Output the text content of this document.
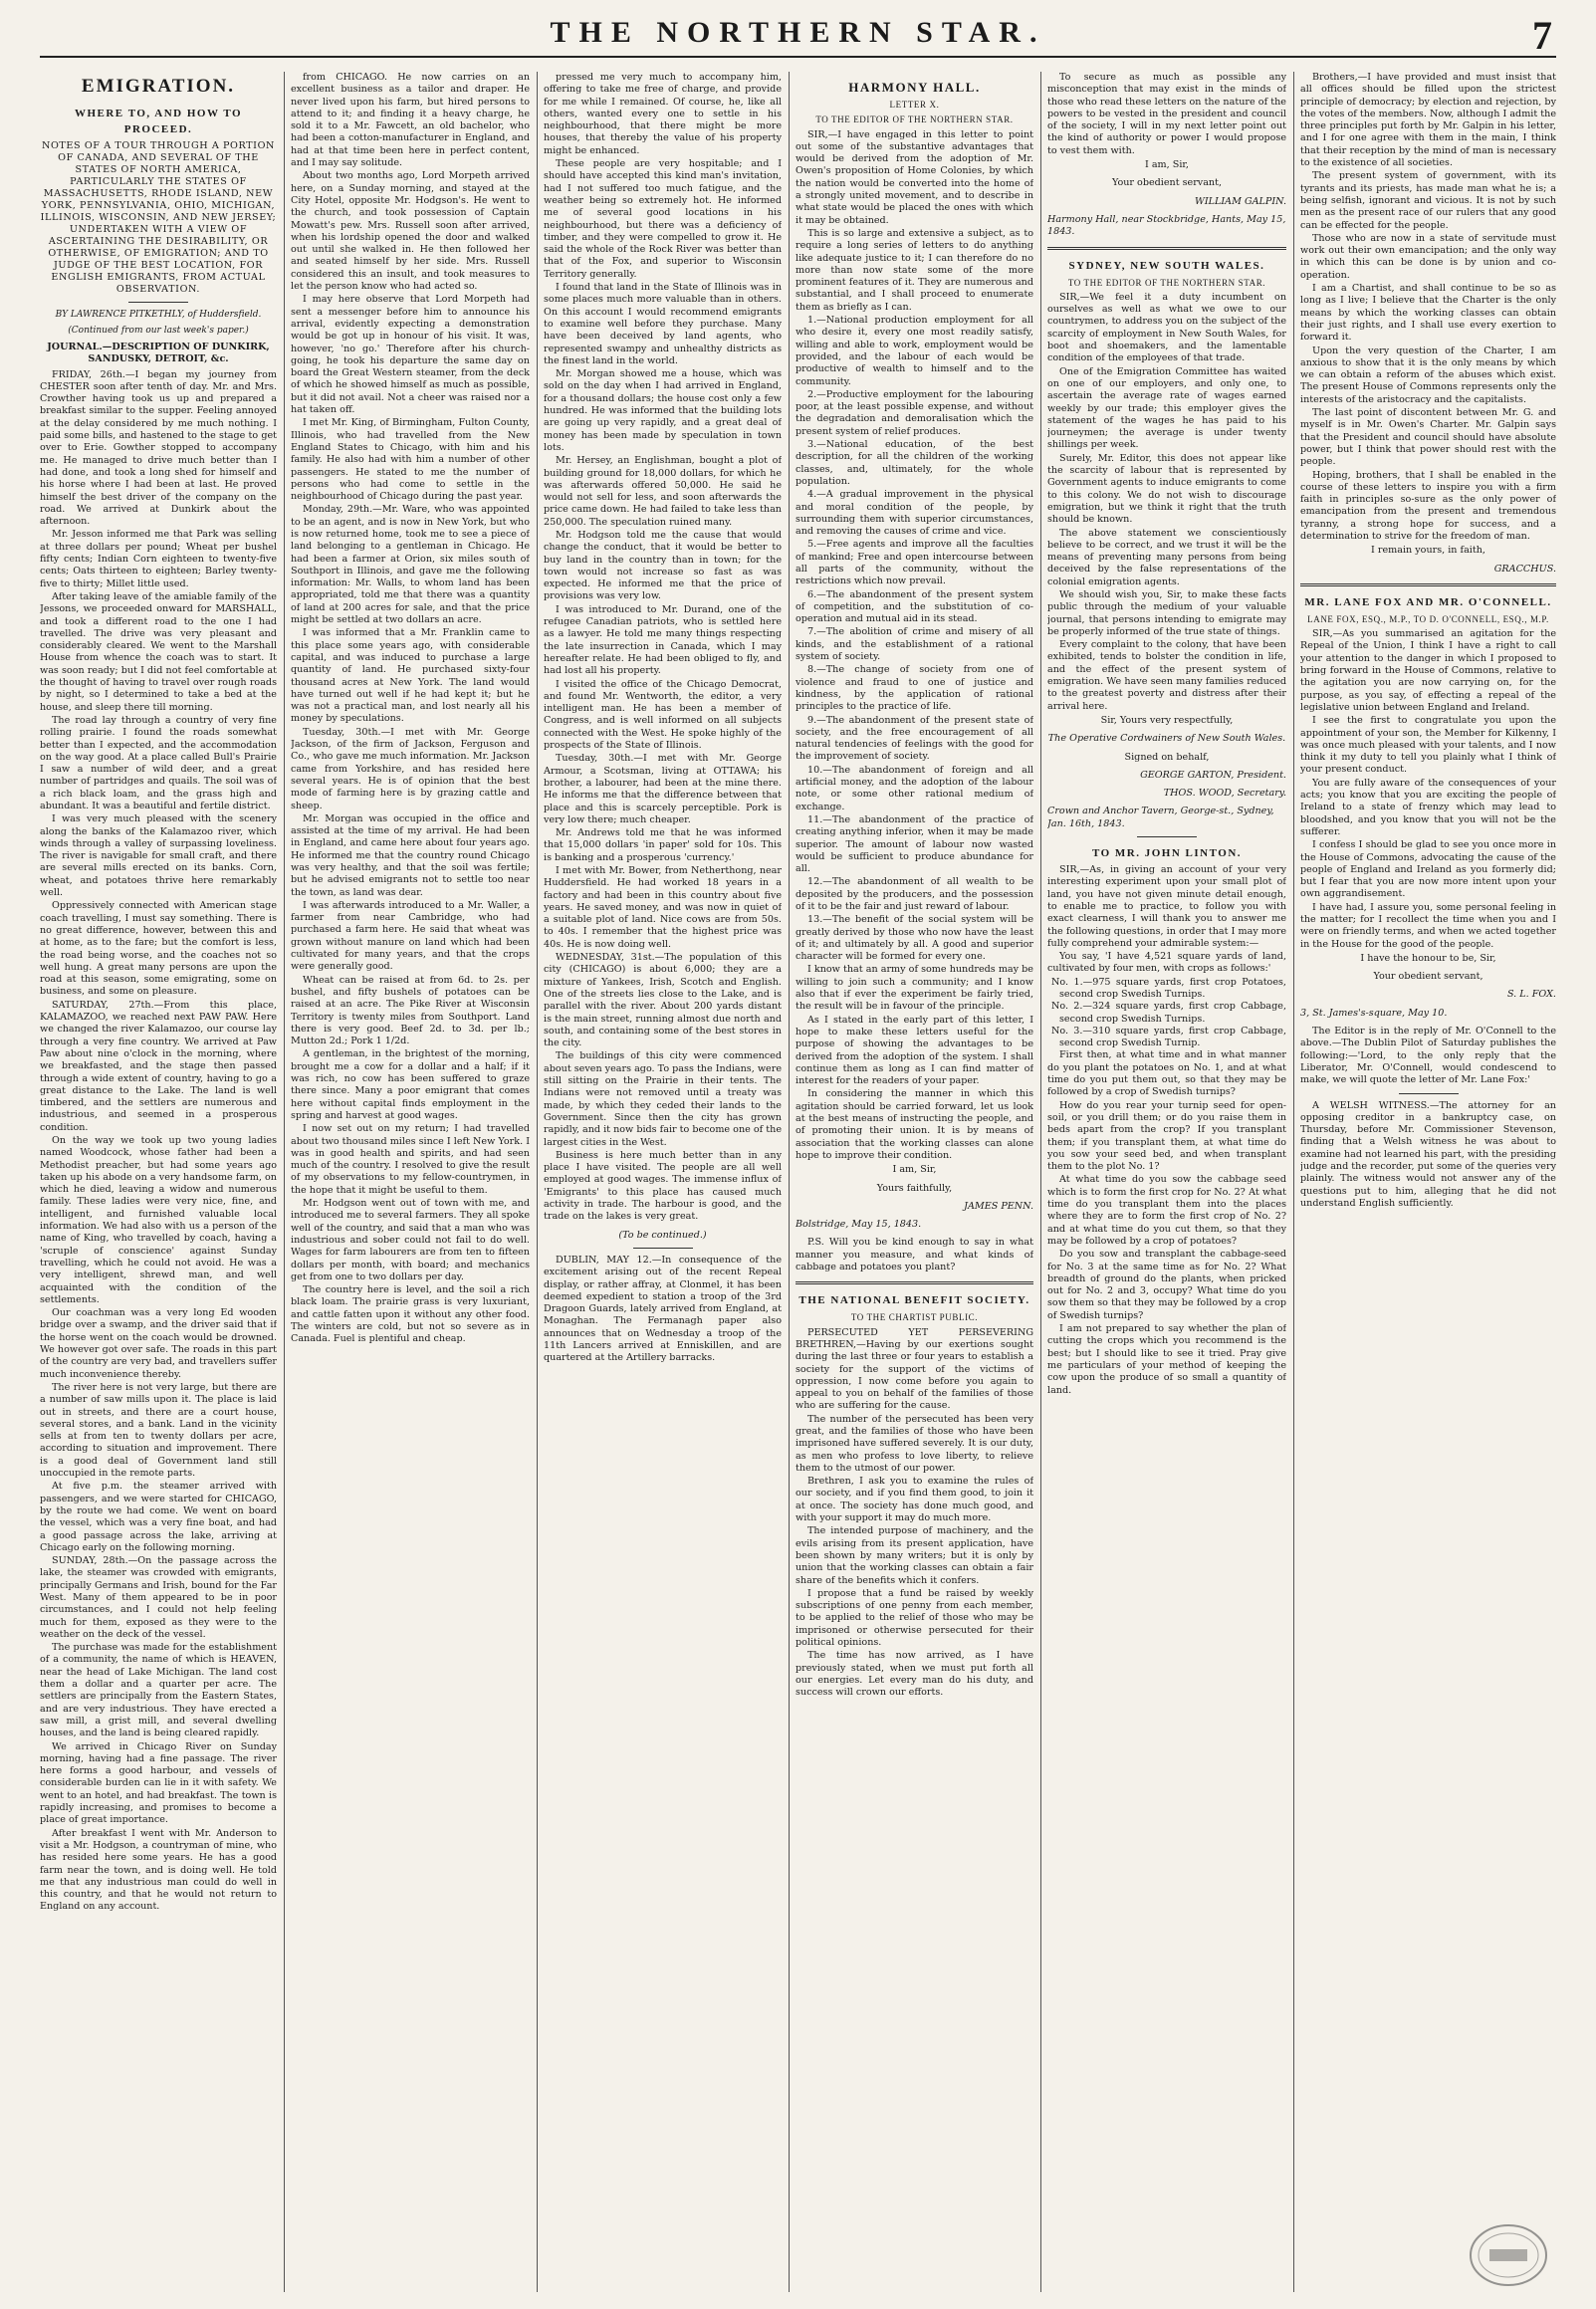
THE NORTHERN STAR.	7
EMIGRATION.
WHERE TO, AND HOW TO PROCEED.
NOTES OF A TOUR THROUGH A PORTION OF CANADA, AND SEVERAL OF THE STATES OF NORTH AMERICA, PARTICULARLY THE STATES OF MASSACHUSETTS, RHODE ISLAND, NEW YORK, PENNSYLVANIA, OHIO, MICHIGAN, ILLINOIS, WISCONSIN, AND NEW JERSEY; UNDERTAKEN WITH A VIEW OF ASCERTAINING THE DESIRABILITY, OR OTHERWISE, OF EMIGRATION; AND TO JUDGE OF THE BEST LOCATION, FOR ENGLISH EMIGRANTS, FROM ACTUAL OBSERVATION.
BY LAWRENCE PITKETHLY, of Huddersfield.
(Continued from our last week's paper.)
JOURNAL.—DESCRIPTION OF DUNKIRK, SANDUSKY, DETROIT, &c.

FRIDAY, 26th.—I began my journey from CHESTER soon after tenth of day. Mr. and Mrs. Crowther having took us up and prepared a breakfast similar to the supper. Feeling annoyed at the delay considered by me much nothing. I paid some bills, and hastened to the stage to get over to Erie. Gowther stopped to accompany me. He managed to drive much better than I had done, and took a long shed for himself and his horse where I had been at last. He proved himself the best driver of the company on the road. We arrived at Dunkirk about the afternoon.

Mr. Jesson informed me that Park was selling at three dollars per pound; Wheat per bushel fifty cents; Indian Corn eighteen to twenty-five cents; Oats thirteen to eighteen; Barley twenty-five to thirty; Millet little used.

After taking leave of the amiable family of the Jessons, we proceeded onward for MARSHALL, and took a different road to the one I had travelled. The drive was very pleasant and considerably cleared. We went to the Marshall House from whence the coach was to start. It was soon ready; but I did not feel comfortable at the thought of having to travel over rough roads by night, so I determined to take a bed at the house, and sleep there till morning.

The road lay through a country of very fine rolling prairie. I found the roads somewhat better than I expected, and the accommodation on the way good. At a place called Bull's Prairie I saw a number of wild deer, and a great number of partridges and quails. The soil was of a rich black loam, and the grass high and abundant. It was a beautiful and fertile district.

I was very much pleased with the scenery along the banks of the Kalamazoo river, which winds through a valley of surpassing loveliness. The river is navigable for small craft, and there are several mills erected on its banks. Corn, wheat, and potatoes thrive here remarkably well.

Oppressively connected with American stage coach travelling, I must say something. There is no great difference, however, between this and at home, as to the fare; but the comfort is less, the road being worse, and the coaches not so well hung. A great many persons are upon the road at this season, some emigrating, some on business, and some on pleasure.

SATURDAY, 27th.—From this place, KALAMAZOO, we reached next PAW PAW. Here we changed the river Kalamazoo, our course lay through a very fine country. We arrived at Paw Paw about nine o'clock in the morning, where we breakfasted, and the stage then passed through a wide extent of country, having to go a great distance to the Lake. The land is well timbered, and the settlers are numerous and industrious, and seemed in a prosperous condition.

On the way we took up two young ladies named Woodcock, whose father had been a Methodist preacher, but had some years ago taken up his abode on a very handsome farm, on which he died, leaving a widow and numerous family. These ladies were very nice, fine, and intelligent, and furnished valuable local information. We had also with us a person of the name of King, who travelled by coach, having a 'scruple of conscience' against Sunday travelling, which he could not avoid. He was a very intelligent, shrewd man, and well acquainted with the condition of the settlements.

Our coachman was a very long Ed wooden bridge over a swamp, and the driver said that if the horse went on the coach would be drowned. We however got over safe. The roads in this part of the country are very bad, and travellers suffer much inconvenience thereby.

The river here is not very large, but there are a number of saw mills upon it. The place is laid out in streets, and there are a court house, several stores, and a bank. Land in the vicinity sells at from ten to twenty dollars per acre, according to situation and improvement. There is a good deal of Government land still unoccupied in the remote parts.

At five p.m. the steamer arrived with passengers, and we were started for CHICAGO, by the route we had come. We went on board the vessel, which was a very fine boat, and had a good passage across the lake, arriving at Chicago early on the following morning.

SUNDAY, 28th.—On the passage across the lake, the steamer was crowded with emigrants, principally Germans and Irish, bound for the Far West. Many of them appeared to be in poor circumstances, and I could not help feeling much for them, exposed as they were to the weather on the deck of the vessel.

The purchase was made for the establishment of a community, the name of which is HEAVEN, near the head of Lake Michigan. The land cost them a dollar and a quarter per acre. The settlers are principally from the Eastern States, and are very industrious. They have erected a saw mill, a grist mill, and several dwelling houses, and the land is being cleared rapidly.

We arrived in Chicago River on Sunday morning, having had a fine passage. The river here forms a good harbour, and vessels of considerable burden can lie in it with safety. We went to an hotel, and had breakfast. The town is rapidly increasing, and promises to become a place of great importance.

After breakfast I went with Mr. Anderson to visit a Mr. Hodgson, a countryman of mine, who has resided here some years. He has a good farm near the town, and is doing well. He told me that any industrious man could do well in this country, and that he would not return to England on any account.

from CHICAGO. He now carries on an excellent business as a tailor and draper. He never lived upon his farm, but hired persons to attend to it; and finding it a heavy charge, he sold it to a Mr. Fawcett, an old bachelor, who had been a cotton-manufacturer in England, and had at that time been here in perfect content, and I may say solitude.

About two months ago, Lord Morpeth arrived here, on a Sunday morning, and stayed at the City Hotel, opposite Mr. Hodgson's. He went to the church, and took possession of Captain Mowatt's pew. Mrs. Russell soon after arrived, when his lordship opened the door and walked out until she walked in. He then followed her and seated himself by her side. Mrs. Russell considered this an insult, and took measures to let the person know who had acted so.

I may here observe that Lord Morpeth had sent a messenger before him to announce his arrival, evidently expecting a demonstration would be got up in honour of his visit. It was, however, 'no go.' Therefore after his church-going, he took his departure the same day on board the Great Western steamer, from the deck of which he showed himself as much as possible, but it did not avail. Not a cheer was raised nor a hat taken off.

I met Mr. King, of Birmingham, Fulton County, Illinois, who had travelled from the New England States to Chicago, with him and his family. He also had with him a number of other passengers. He stated to me the number of persons who had come to settle in the neighbourhood of Chicago during the past year.

Monday, 29th.—Mr. Ware, who was appointed to be an agent, and is now in New York, but who is now returned home, took me to see a piece of land belonging to a gentleman in Chicago. He had been a farmer at Orion, six miles south of Southport in Illinois, and gave me the following information: Mr. Walls, to whom land has been appropriated, told me that there was a quantity of land at 200 acres for sale, and that the price might be settled at two dollars an acre.

I was informed that a Mr. Franklin came to this place some years ago, with considerable capital, and was induced to purchase a large quantity of land. He purchased sixty-four thousand acres at New York. The land would have turned out well if he had kept it; but he was not a practical man, and lost nearly all his money by speculations.

Tuesday, 30th.—I met with Mr. George Jackson, of the firm of Jackson, Ferguson and Co., who gave me much information. Mr. Jackson came from Yorkshire, and has resided here several years. He is of opinion that the best mode of farming here is by grazing cattle and sheep.

Mr. Morgan was occupied in the office and assisted at the time of my arrival. He had been in England, and came here about four years ago. He informed me that the country round Chicago was very healthy, and that the soil was fertile; but he advised emigrants not to settle too near the town, as land was dear.

I was afterwards introduced to a Mr. Waller, a farmer from near Cambridge, who had purchased a farm here. He said that wheat was grown without manure on land which had been cultivated for many years, and that the crops were generally good.

Wheat can be raised at from 6d. to 2s. per bushel, and fifty bushels of potatoes can be raised at an acre. The Pike River at Wisconsin Territory is twenty miles from Southport. Land there is very good. Beef 2d. to 3d. per lb.; Mutton 2d.; Pork 1 1/2d.

A gentleman, in the brightest of the morning, brought me a cow for a dollar and a half; if it was rich, no cow has been suffered to graze there since. Many a poor emigrant that comes here without capital finds employment in the spring and harvest at good wages.

I now set out on my return; I had travelled about two thousand miles since I left New York. I was in good health and spirits, and had seen much of the country. I resolved to give the result of my observations to my fellow-countrymen, in the hope that it might be useful to them.

Mr. Hodgson went out of town with me, and introduced me to several farmers. They all spoke well of the country, and said that a man who was industrious and sober could not fail to do well. Wages for farm labourers are from ten to fifteen dollars per month, with board; and mechanics get from one to two dollars per day.

The country here is level, and the soil a rich black loam. The prairie grass is very luxuriant, and cattle fatten upon it without any other food. The winters are cold, but not so severe as in Canada. Fuel is plentiful and cheap.

pressed me very much to accompany him, offering to take me free of charge, and provide for me while I remained. Of course, he, like all others, wanted every one to settle in his neighbourhood, that there might be more houses, that thereby the value of his property might be enhanced.

These people are very hospitable; and I should have accepted this kind man's invitation, had I not suffered too much fatigue, and the weather being so extremely hot. He informed me of several good locations in his neighbourhood, but there was a deficiency of timber, and they were compelled to grow it. He said the whole of the Rock River was better than that of the Fox, and superior to Wisconsin Territory generally.

I found that land in the State of Illinois was in some places much more valuable than in others. On this account I would recommend emigrants to examine well before they purchase. Many have been deceived by land agents, who represented swampy and unhealthy districts as the finest land in the world.

Mr. Morgan showed me a house, which was sold on the day when I had arrived in England, for a thousand dollars; the house cost only a few hundred. He was informed that the building lots are going up very rapidly, and a great deal of money has been made by speculation in town lots.

Mr. Hersey, an Englishman, bought a plot of building ground for 18,000 dollars, for which he was afterwards offered 50,000. He said he would not sell for less, and soon afterwards the price came down. He had failed to take less than 250,000. The speculation ruined many.

Mr. Hodgson told me the cause that would change the conduct, that it would be better to buy land in the country than in town; for the town would not increase so fast as was expected. He informed me that the price of provisions was very low.

I was introduced to Mr. Durand, one of the refugee Canadian patriots, who is settled here as a lawyer. He told me many things respecting the late insurrection in Canada, which I may hereafter relate. He had been obliged to fly, and had lost all his property.

I visited the office of the Chicago Democrat, and found Mr. Wentworth, the editor, a very intelligent man. He has been a member of Congress, and is well informed on all subjects connected with the West. He spoke highly of the prospects of the State of Illinois.

Tuesday, 30th.—I met with Mr. George Armour, a Scotsman, living at OTTAWA; his brother, a labourer, had been at the mine there. He informs me that the difference between that place and this is scarcely perceptible. Pork is very low there; much cheaper.

Mr. Andrews told me that he was informed that 15,000 dollars 'in paper' sold for 10s. This is banking and a prosperous 'currency.'

I met with Mr. Bower, from Netherthong, near Huddersfield. He had worked 18 years in a factory and had been in this country about five years. He saved money, and was now in quiet of a suitable plot of land. Nice cows are from 50s. to 40s. I remember that the highest price was 40s. He is now doing well.

WEDNESDAY, 31st.—The population of this city (CHICAGO) is about 6,000; they are a mixture of Yankees, Irish, Scotch and English. One of the streets lies close to the Lake, and is parallel with the river. About 200 yards distant is the main street, running almost due north and south, and containing some of the best stores in the city.

The buildings of this city were commenced about seven years ago. To pass the Indians, were still sitting on the Prairie in their tents. The Indians were not removed until a treaty was made, by which they ceded their lands to the Government. Since then the city has grown rapidly, and it now bids fair to become one of the largest cities in the West.

Business is here much better than in any place I have visited. The people are all well employed at good wages. The immense influx of 'Emigrants' to this place has caused much activity in trade. The harbour is good, and the trade on the lakes is very great.

(To be continued.)

DUBLIN, MAY 12.—In consequence of the excitement arising out of the recent Repeal display, or rather affray, at Clonmel, it has been deemed expedient to station a troop of the 3rd Dragoon Guards, lately arrived from England, at Monaghan. The Fermanagh paper also announces that on Wednesday a troop of the 11th Lancers arrived at Enniskillen, and are quartered at the Artillery barracks.

HARMONY HALL.
LETTER X.
TO THE EDITOR OF THE NORTHERN STAR.

SIR,—I have engaged in this letter to point out some of the substantive advantages that would be derived from the adoption of Mr. Owen's proposition of Home Colonies, by which the nation would be converted into the home of a strongly united movement, and to describe in what state would be placed the ones with which it may be obtained.

This is so large and extensive a subject, as to require a long series of letters to do anything like adequate justice to it; I can therefore do no more than now state some of the more prominent features of it. They are numerous and substantial, and I shall proceed to enumerate them as briefly as I can.

1.—National production employment for all who desire it, every one most readily satisfy, willing and able to work, employment would be provided, and the labour of each would be productive of wealth to himself and to the community.

2.—Productive employment for the labouring poor, at the least possible expense, and without the degradation and demoralisation which the present system of relief produces.

3.—National education, of the best description, for all the children of the working classes, and, ultimately, for the whole population.

4.—A gradual improvement in the physical and moral condition of the people, by surrounding them with superior circumstances, and removing the causes of crime and vice.

5.—Free agents and improve all the faculties of mankind; Free and open intercourse between all parts of the community, without the restrictions which now prevail.

6.—The abandonment of the present system of competition, and the substitution of co-operation and mutual aid in its stead.

7.—The abolition of crime and misery of all kinds, and the establishment of a rational system of society.

8.—The change of society from one of violence and fraud to one of justice and kindness, by the application of rational principles to the practice of life.

9.—The abandonment of the present state of society, and the free encouragement of all natural tendencies of feelings with the good for the improvement of society.

10.—The abandonment of foreign and all artificial money, and the adoption of the labour note, or some other rational medium of exchange.

11.—The abandonment of the practice of creating anything inferior, when it may be made superior. The amount of labour now wasted would be sufficient to produce abundance for all.

12.—The abandonment of all wealth to be deposited by the producers, and the possession of it to be the fair and just reward of labour.

13.—The benefit of the social system will be greatly derived by those who now have the least of it; and ultimately by all. A good and superior character will be formed for every one.

I know that an army of some hundreds may be willing to join such a community; and I know also that if ever the experiment be fairly tried, the result will be in favour of the principle.

As I stated in the early part of this letter, I hope to make these letters useful for the purpose of showing the advantages to be derived from the adoption of the system. I shall continue them as long as I can find matter of interest for the readers of your paper.

In considering the manner in which this agitation should be carried forward, let us look at the best means of instructing the people, and of promoting their union. It is by means of association that the working classes can alone hope to improve their condition.

I am, Sir,
Yours faithfully,
JAMES PENN.
Bolstridge, May 15, 1843.

P.S. Will you be kind enough to say in what manner you measure, and what kinds of cabbage and potatoes you plant?

THE NATIONAL BENEFIT SOCIETY.
TO THE CHARTIST PUBLIC.

PERSECUTED YET PERSEVERING BRETHREN,—Having by our exertions sought during the last three or four years to establish a society for the support of the victims of oppression, I now come before you again to appeal to you on behalf of the families of those who are suffering for the cause.

The number of the persecuted has been very great, and the families of those who have been imprisoned have suffered severely. It is our duty, as men who profess to love liberty, to relieve them to the utmost of our power.

Brethren, I ask you to examine the rules of our society, and if you find them good, to join it at once. The society has done much good, and with your support it may do much more.

The intended purpose of machinery, and the evils arising from its present application, have been shown by many writers; but it is only by union that the working classes can obtain a fair share of the benefits which it confers.

I propose that a fund be raised by weekly subscriptions of one penny from each member, to be applied to the relief of those who may be imprisoned or otherwise persecuted for their political opinions.

The time has now arrived, as I have previously stated, when we must put forth all our energies. Let every man do his duty, and success will crown our efforts.

To secure as much as possible any misconception that may exist in the minds of those who read these letters on the nature of the powers to be vested in the president and council of the society, I will in my next letter point out the kind of authority or power I would propose to vest them with.

I am, Sir,
Your obedient servant,
WILLIAM GALPIN.
Harmony Hall, near Stockbridge, Hants, May 15, 1843.
SYDNEY, NEW SOUTH WALES.
TO THE EDITOR OF THE NORTHERN STAR.

SIR,—We feel it a duty incumbent on ourselves as well as what we owe to our countrymen, to address you on the subject of the scarcity of employment in New South Wales, for boot and shoemakers, and the lamentable condition of the employees of that trade.

One of the Emigration Committee has waited on one of our employers, and only one, to ascertain the average rate of wages earned weekly by our trade; this employer gives the statement of the wages he has paid to his journeymen; the average is under twenty shillings per week.

Surely, Mr. Editor, this does not appear like the scarcity of labour that is represented by Government agents to induce emigrants to come to this colony. We do not wish to discourage emigration, but we think it right that the truth should be known.

The above statement we conscientiously believe to be correct, and we trust it will be the means of preventing many persons from being deceived by the false representations of the colonial emigration agents.

We should wish you, Sir, to make these facts public through the medium of your valuable journal, that persons intending to emigrate may be properly informed of the true state of things.

Every complaint to the colony, that have been exhibited, tends to bolster the condition in life, and the effect of the present system of emigration. We have seen many families reduced to the greatest poverty and distress after their arrival here.

Sir, Yours very respectfully,
The Operative Cordwainers of New South Wales.
Signed on behalf,
GEORGE GARTON, President.
THOS. WOOD, Secretary.
Crown and Anchor Tavern, George-st., Sydney, Jan. 16th, 1843.
TO MR. JOHN LINTON.

SIR,—As, in giving an account of your very interesting experiment upon your small plot of land, you have not given minute detail enough, to enable me to practice, to follow you with exact clearness, I will thank you to answer me the following questions, in order that I may more fully comprehend your admirable system:—

You say, 'I have 4,521 square yards of land, cultivated by four men, with crops as follows:'

No. 1.—975 square yards, first crop Potatoes, second crop Swedish Turnips.
No. 2.—324 square yards, first crop Cabbage, second crop Swedish Turnips.
No. 3.—310 square yards, first crop Cabbage, second crop Swedish Turnip.

First then, at what time and in what manner do you plant the potatoes on No. 1, and at what time do you put them out, so that they may be followed by a crop of Swedish turnips?

How do you rear your turnip seed for open-soil, or you drill them; or do you raise them in beds apart from the crop? If you transplant them; if you transplant them, at what time do you sow your seed bed, and when transplant them to the plot No. 1?

At what time do you sow the cabbage seed which is to form the first crop for No. 2? At what time do you transplant them into the places where they are to form the first crop of No. 2? and at what time do you cut them, so that they may be followed by a crop of potatoes?

Do you sow and transplant the cabbage-seed for No. 3 at the same time as for No. 2? What breadth of ground do the plants, when pricked out for No. 2 and 3, occupy? What time do you sow them so that they may be followed by a crop of Swedish turnips?

I am not prepared to say whether the plan of cutting the crops which you recommend is the best; but I should like to see it tried. Pray give me particulars of your method of keeping the cow upon the produce of so small a quantity of land.

Brothers,—I have provided and must insist that all offices should be filled upon the strictest principle of democracy; by election and rejection, by the votes of the members. Now, although I admit the three principles put forth by Mr. Galpin in his letter, and I for one agree with them in the main, I think that their reception by the mind of man is necessary to the existence of all societies.

The present system of government, with its tyrants and its priests, has made man what he is; a being selfish, ignorant and vicious. It is not by such men as the present race of our rulers that any good can be effected for the people.

Those who are now in a state of servitude must work out their own emancipation; and the only way in which this can be done is by union and co-operation.

I am a Chartist, and shall continue to be so as long as I live; I believe that the Charter is the only means by which the working classes can obtain their just rights, and I shall use every exertion to forward it.

Upon the very question of the Charter, I am anxious to show that it is the only means by which we can obtain a reform of the abuses which exist. The present House of Commons represents only the interests of the aristocracy and the capitalists.

The last point of discontent between Mr. G. and myself is in Mr. Owen's Charter. Mr. Galpin says that the President and council should have absolute power, but I think that power should rest with the people.

Hoping, brothers, that I shall be enabled in the course of these letters to inspire you with a firm faith in principles so-sure as the only power of emancipation from the present and tremendous tyranny, a strong hope for success, and a determination to strive for the freedom of man.

I remain yours, in faith,
GRACCHUS.
MR. LANE FOX AND MR. O'CONNELL.
LANE FOX, ESQ., M.P., TO D. O'CONNELL, ESQ., M.P.

SIR,—As you summarised an agitation for the Repeal of the Union, I think I have a right to call your attention to the danger in which I proposed to bring forward in the House of Commons, relative to the agitation you are now carrying on, for the purpose, as you say, of effecting a repeal of the legislative union between England and Ireland.

I see the first to congratulate you upon the appointment of your son, the Member for Kilkenny, I was once much pleased with your talents, and I now think it my duty to tell you plainly what I think of your present conduct.

You are fully aware of the consequences of your acts; you know that you are exciting the people of Ireland to a state of frenzy which may lead to bloodshed, and you know that you will not be the sufferer.

I confess I should be glad to see you once more in the House of Commons, advocating the cause of the people of England and Ireland as you formerly did; but I fear that you are now more intent upon your own aggrandisement.

I have had, I assure you, some personal feeling in the matter; for I recollect the time when you and I were on friendly terms, and when we acted together in the House for the good of the people.

I have the honour to be, Sir,
Your obedient servant,
S. L. FOX.
3, St. James's-square, May 10.

The Editor is in the reply of Mr. O'Connell to the above.—The Dublin Pilot of Saturday publishes the following:—'Lord, to the only reply that the Liberator, Mr. O'Connell, would condescend to make, we will quote the letter of Mr. Lane Fox:'

A WELSH WITNESS.—The attorney for an opposing creditor in a bankruptcy case, on Thursday, before Mr. Commissioner Stevenson, finding that a Welsh witness he was about to examine had not learned his part, with the presiding judge and the recorder, put some of the queries very plainly. The witness would not answer any of the questions put to him, alleging that he did not understand English sufficiently.
